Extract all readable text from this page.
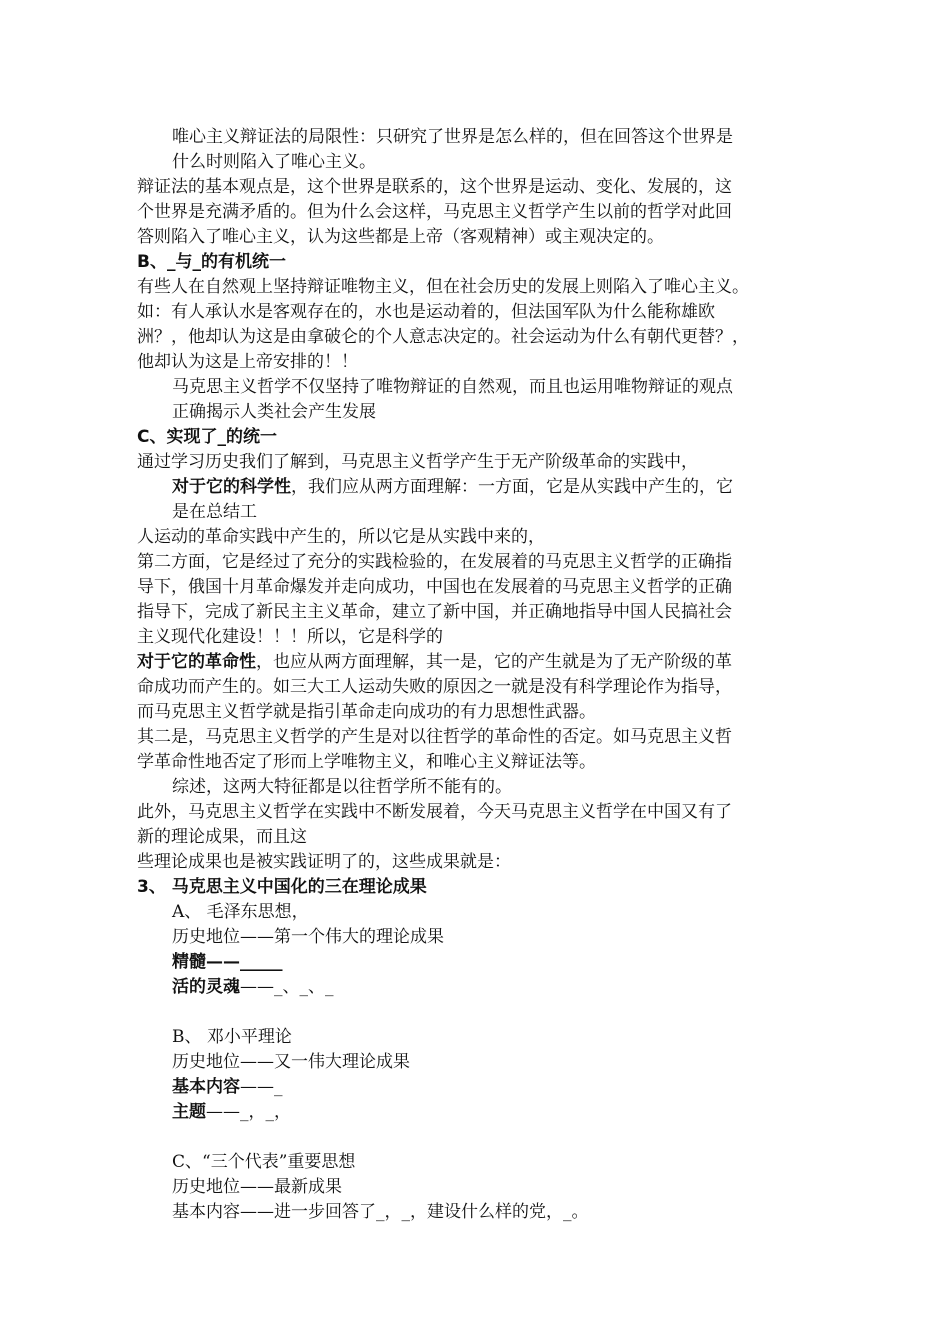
唯心主义辩证法的局限性：只研究了世界是怎么样的，但在回答这个世界是

什么时则陷入了唯心主义。

辩证法的基本观点是，这个世界是联系的，这个世界是运动、变化、发展的，这

个世界是充满矛盾的。但为什么会这样，马克思主义哲学产生以前的哲学对此回

答则陷入了唯心主义，认为这些都是上帝（客观精神）或主观决定的。

B、_与_的有机统一

有些人在自然观上坚持辩证唯物主义，但在社会历史的发展上则陷入了唯心主义。

如：有人承认水是客观存在的，水也是运动着的，但法国军队为什么能称雄欧

洲？，他却认为这是由拿破仑的个人意志决定的。社会运动为什么有朝代更替？，

他却认为这是上帝安排的！！

马克思主义哲学不仅坚持了唯物辩证的自然观，而且也运用唯物辩证的观点

正确揭示人类社会产生发展

C、实现了_的统一

通过学习历史我们了解到，马克思主义哲学产生于无产阶级革命的实践中，

对于它的科学性，我们应从两方面理解：一方面，它是从实践中产生的，它

是在总结工

人运动的革命实践中产生的，所以它是从实践中来的，

第二方面，它是经过了充分的实践检验的，在发展着的马克思主义哲学的正确指

导下，俄国十月革命爆发并走向成功，中国也在发展着的马克思主义哲学的正确

指导下，完成了新民主主义革命，建立了新中国，并正确地指导中国人民搞社会

主义现代化建设！！！所以，它是科学的

对于它的革命性，也应从两方面理解，其一是，它的产生就是为了无产阶级的革

命成功而产生的。如三大工人运动失败的原因之一就是没有科学理论作为指导，

而马克思主义哲学就是指引革命走向成功的有力思想性武器。

其二是，马克思主义哲学的产生是对以往哲学的革命性的否定。如马克思主义哲

学革命性地否定了形而上学唯物主义，和唯心主义辩证法等。

综述，这两大特征都是以往哲学所不能有的。

此外，马克思主义哲学在实践中不断发展着，今天马克思主义哲学在中国又有了

新的理论成果，而且这

些理论成果也是被实践证明了的，这些成果就是：

3、 马克思主义中国化的三在理论成果

A、 毛泽东思想，

历史地位——第一个伟大的理论成果

精髓——_____

活的灵魂——_、_、_

B、 邓小平理论

历史地位——又一伟大理论成果

基本内容——_

主题——_，_，

C、“三个代表”重要思想

历史地位——最新成果

基本内容——进一步回答了_，_，建设什么样的党，_。
